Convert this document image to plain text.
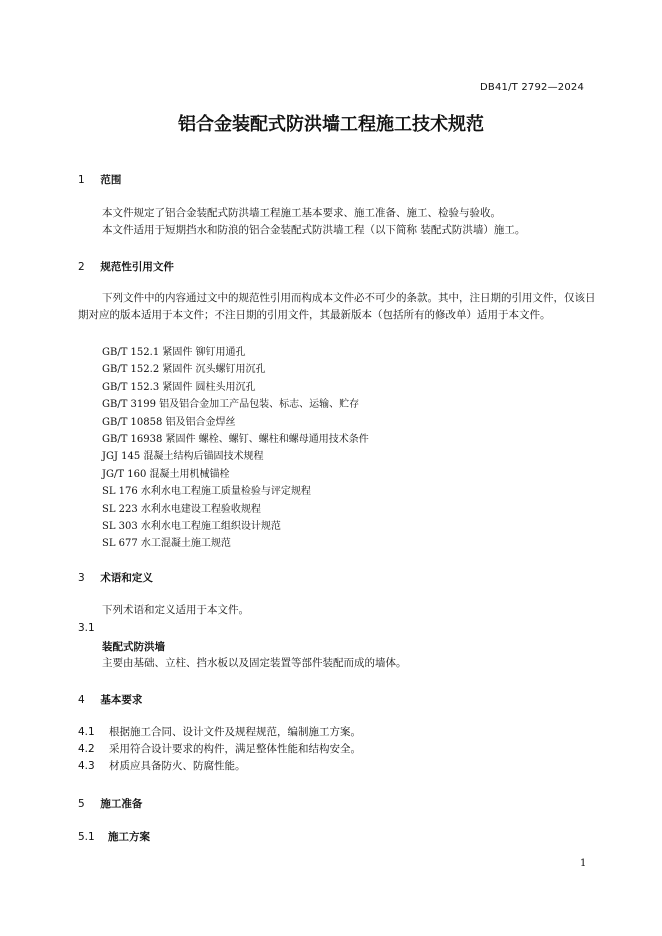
DB41/T 2792—2024
铝合金装配式防洪墙工程施工技术规范
1 范围
本文件规定了铝合金装配式防洪墙工程施工基本要求、施工准备、施工、检验与验收。
本文件适用于短期挡水和防浪的铝合金装配式防洪墙工程（以下简称 装配式防洪墙）施工。
2 规范性引用文件
下列文件中的内容通过文中的规范性引用而构成本文件必不可少的条款。其中，注日期的引用文件，仅该日期对应的版本适用于本文件；不注日期的引用文件，其最新版本（包括所有的修改单）适用于本文件。
GB/T 152.1 紧固件 铆钉用通孔
GB/T 152.2 紧固件 沉头螺钉用沉孔
GB/T 152.3 紧固件 圆柱头用沉孔
GB/T 3199 铝及铝合金加工产品包装、标志、运输、贮存
GB/T 10858 铝及铝合金焊丝
GB/T 16938 紧固件 螺栓、螺钉、螺柱和螺母通用技术条件
JGJ 145 混凝土结构后锚固技术规程
JG/T 160 混凝土用机械锚栓
SL 176 水利水电工程施工质量检验与评定规程
SL 223 水利水电建设工程验收规程
SL 303 水利水电工程施工组织设计规范
SL 677 水工混凝土施工规范
3 术语和定义
下列术语和定义适用于本文件。
3.1
装配式防洪墙
主要由基础、立柱、挡水板以及固定装置等部件装配而成的墙体。
4 基本要求
4.1 根据施工合同、设计文件及规程规范，编制施工方案。
4.2 采用符合设计要求的构件，满足整体性能和结构安全。
4.3 材质应具备防火、防腐性能。
5 施工准备
5.1 施工方案
1
